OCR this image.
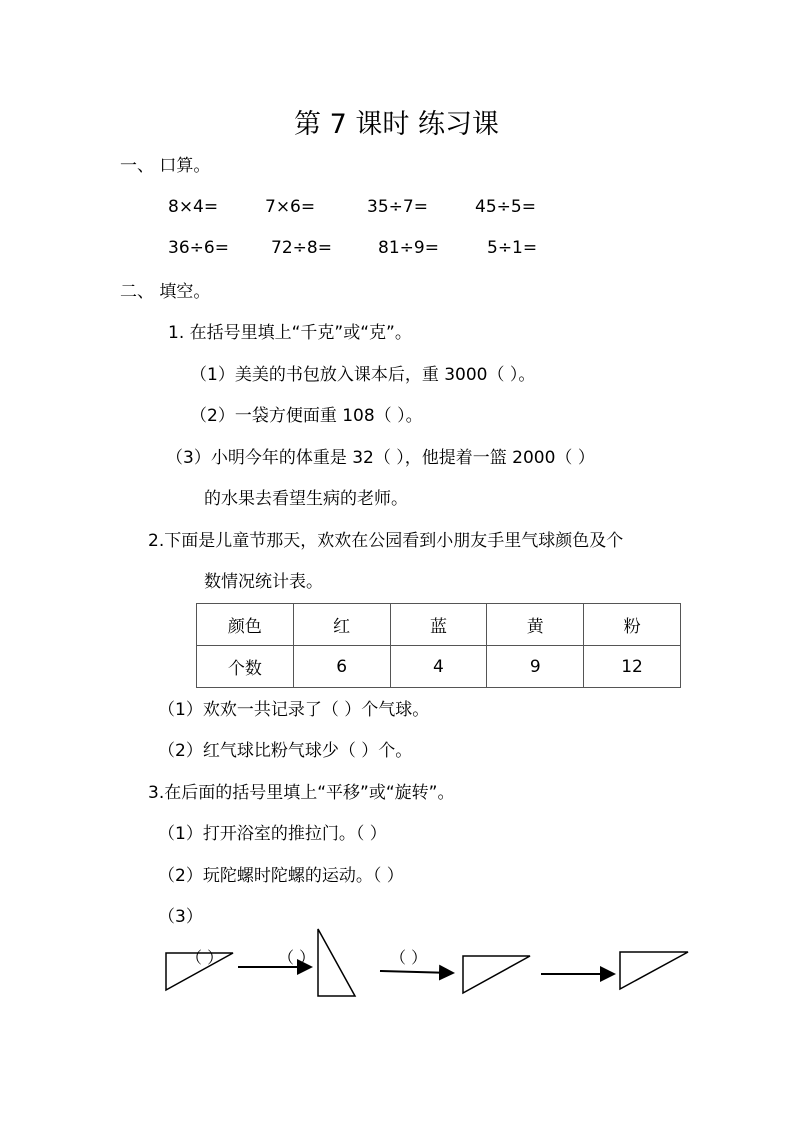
第 7 课时 练习课
一、 口算。
8×4=	7×6=	35÷7=	45÷5=
36÷6= 72÷8=	81÷9=	5÷1=
二、 填空。
1. 在括号里填上“千克”或“克”。
（1）美美的书包放入课本后，重 3000（ ）。
（2）一袋方便面重 108（ ）。
（3）小明今年的体重是 32（ ），他提着一篮 2000（ ）
的水果去看望生病的老师。
2.下面是儿童节那天，欢欢在公园看到小朋友手里气球颜色及个
数情况统计表。
颜色	红	蓝	黄	粉
个数	6	4	9	12
（1）欢欢一共记录了（ ）个气球。
（2）红气球比粉气球少（ ）个。
3.在后面的括号里填上“平移”或“旋转”。
（1）打开浴室的推拉门。（ ）
（2）玩陀螺时陀螺的运动。（ ）
（3）
（ ）	（ ）	（ ）
